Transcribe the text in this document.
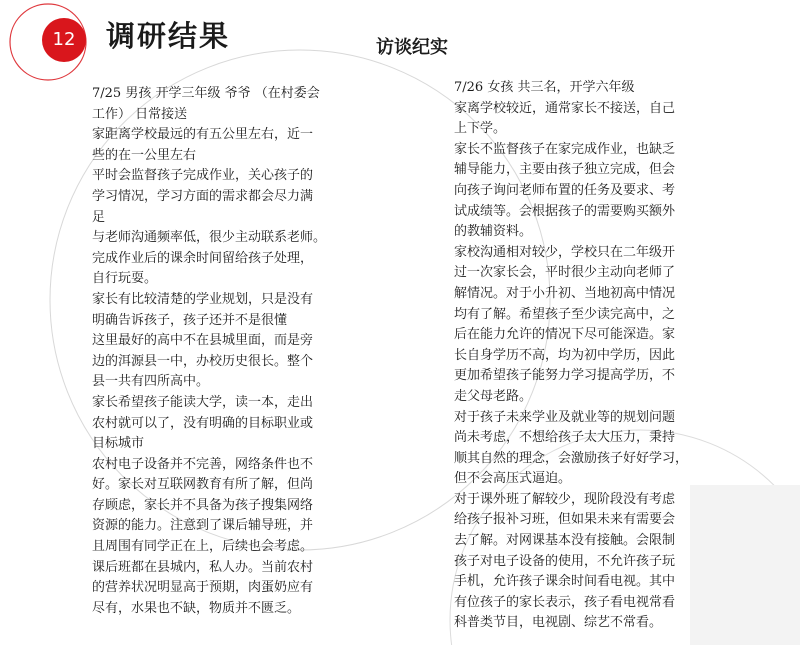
12	调研结果	访谈纪实

7/25 男孩 开学三年级 爷爷 （在村委会

工作） 日常接送

家距离学校最远的有五公里左右，近一

些的在一公里左右

平时会监督孩子完成作业，关心孩子的

学习情况，学习方面的需求都会尽力满

足

与老师沟通频率低，很少主动联系老师。

完成作业后的课余时间留给孩子处理，

自行玩耍。

家长有比较清楚的学业规划，只是没有

明确告诉孩子，孩子还并不是很懂

这里最好的高中不在县城里面，而是旁

边的洱源县一中，办校历史很长。整个

县一共有四所高中。

家长希望孩子能读大学，读一本，走出

农村就可以了，没有明确的目标职业或

目标城市

农村电子设备并不完善，网络条件也不

好。家长对互联网教育有所了解，但尚

存顾虑，家长并不具备为孩子搜集网络

资源的能力。注意到了课后辅导班，并

且周围有同学正在上，后续也会考虑。

课后班都在县城内，私人办。当前农村

的营养状况明显高于预期，肉蛋奶应有

尽有，水果也不缺，物质并不匮乏。

7/26 女孩 共三名，开学六年级

家离学校较近，通常家长不接送，自己

上下学。

家长不监督孩子在家完成作业，也缺乏

辅导能力，主要由孩子独立完成，但会

向孩子询问老师布置的任务及要求、考

试成绩等。会根据孩子的需要购买额外

的教辅资料。

家校沟通相对较少，学校只在二年级开

过一次家长会，平时很少主动向老师了

解情况。对于小升初、当地初高中情况

均有了解。希望孩子至少读完高中，之

后在能力允许的情况下尽可能深造。家

长自身学历不高，均为初中学历，因此

更加希望孩子能努力学习提高学历，不

走父母老路。

对于孩子未来学业及就业等的规划问题

尚未考虑，不想给孩子太大压力，秉持

顺其自然的理念，会激励孩子好好学习，

但不会高压式逼迫。

对于课外班了解较少，现阶段没有考虑

给孩子报补习班，但如果未来有需要会

去了解。对网课基本没有接触。会限制

孩子对电子设备的使用，不允许孩子玩

手机，允许孩子课余时间看电视。其中

有位孩子的家长表示，孩子看电视常看

科普类节目，电视剧、综艺不常看。
